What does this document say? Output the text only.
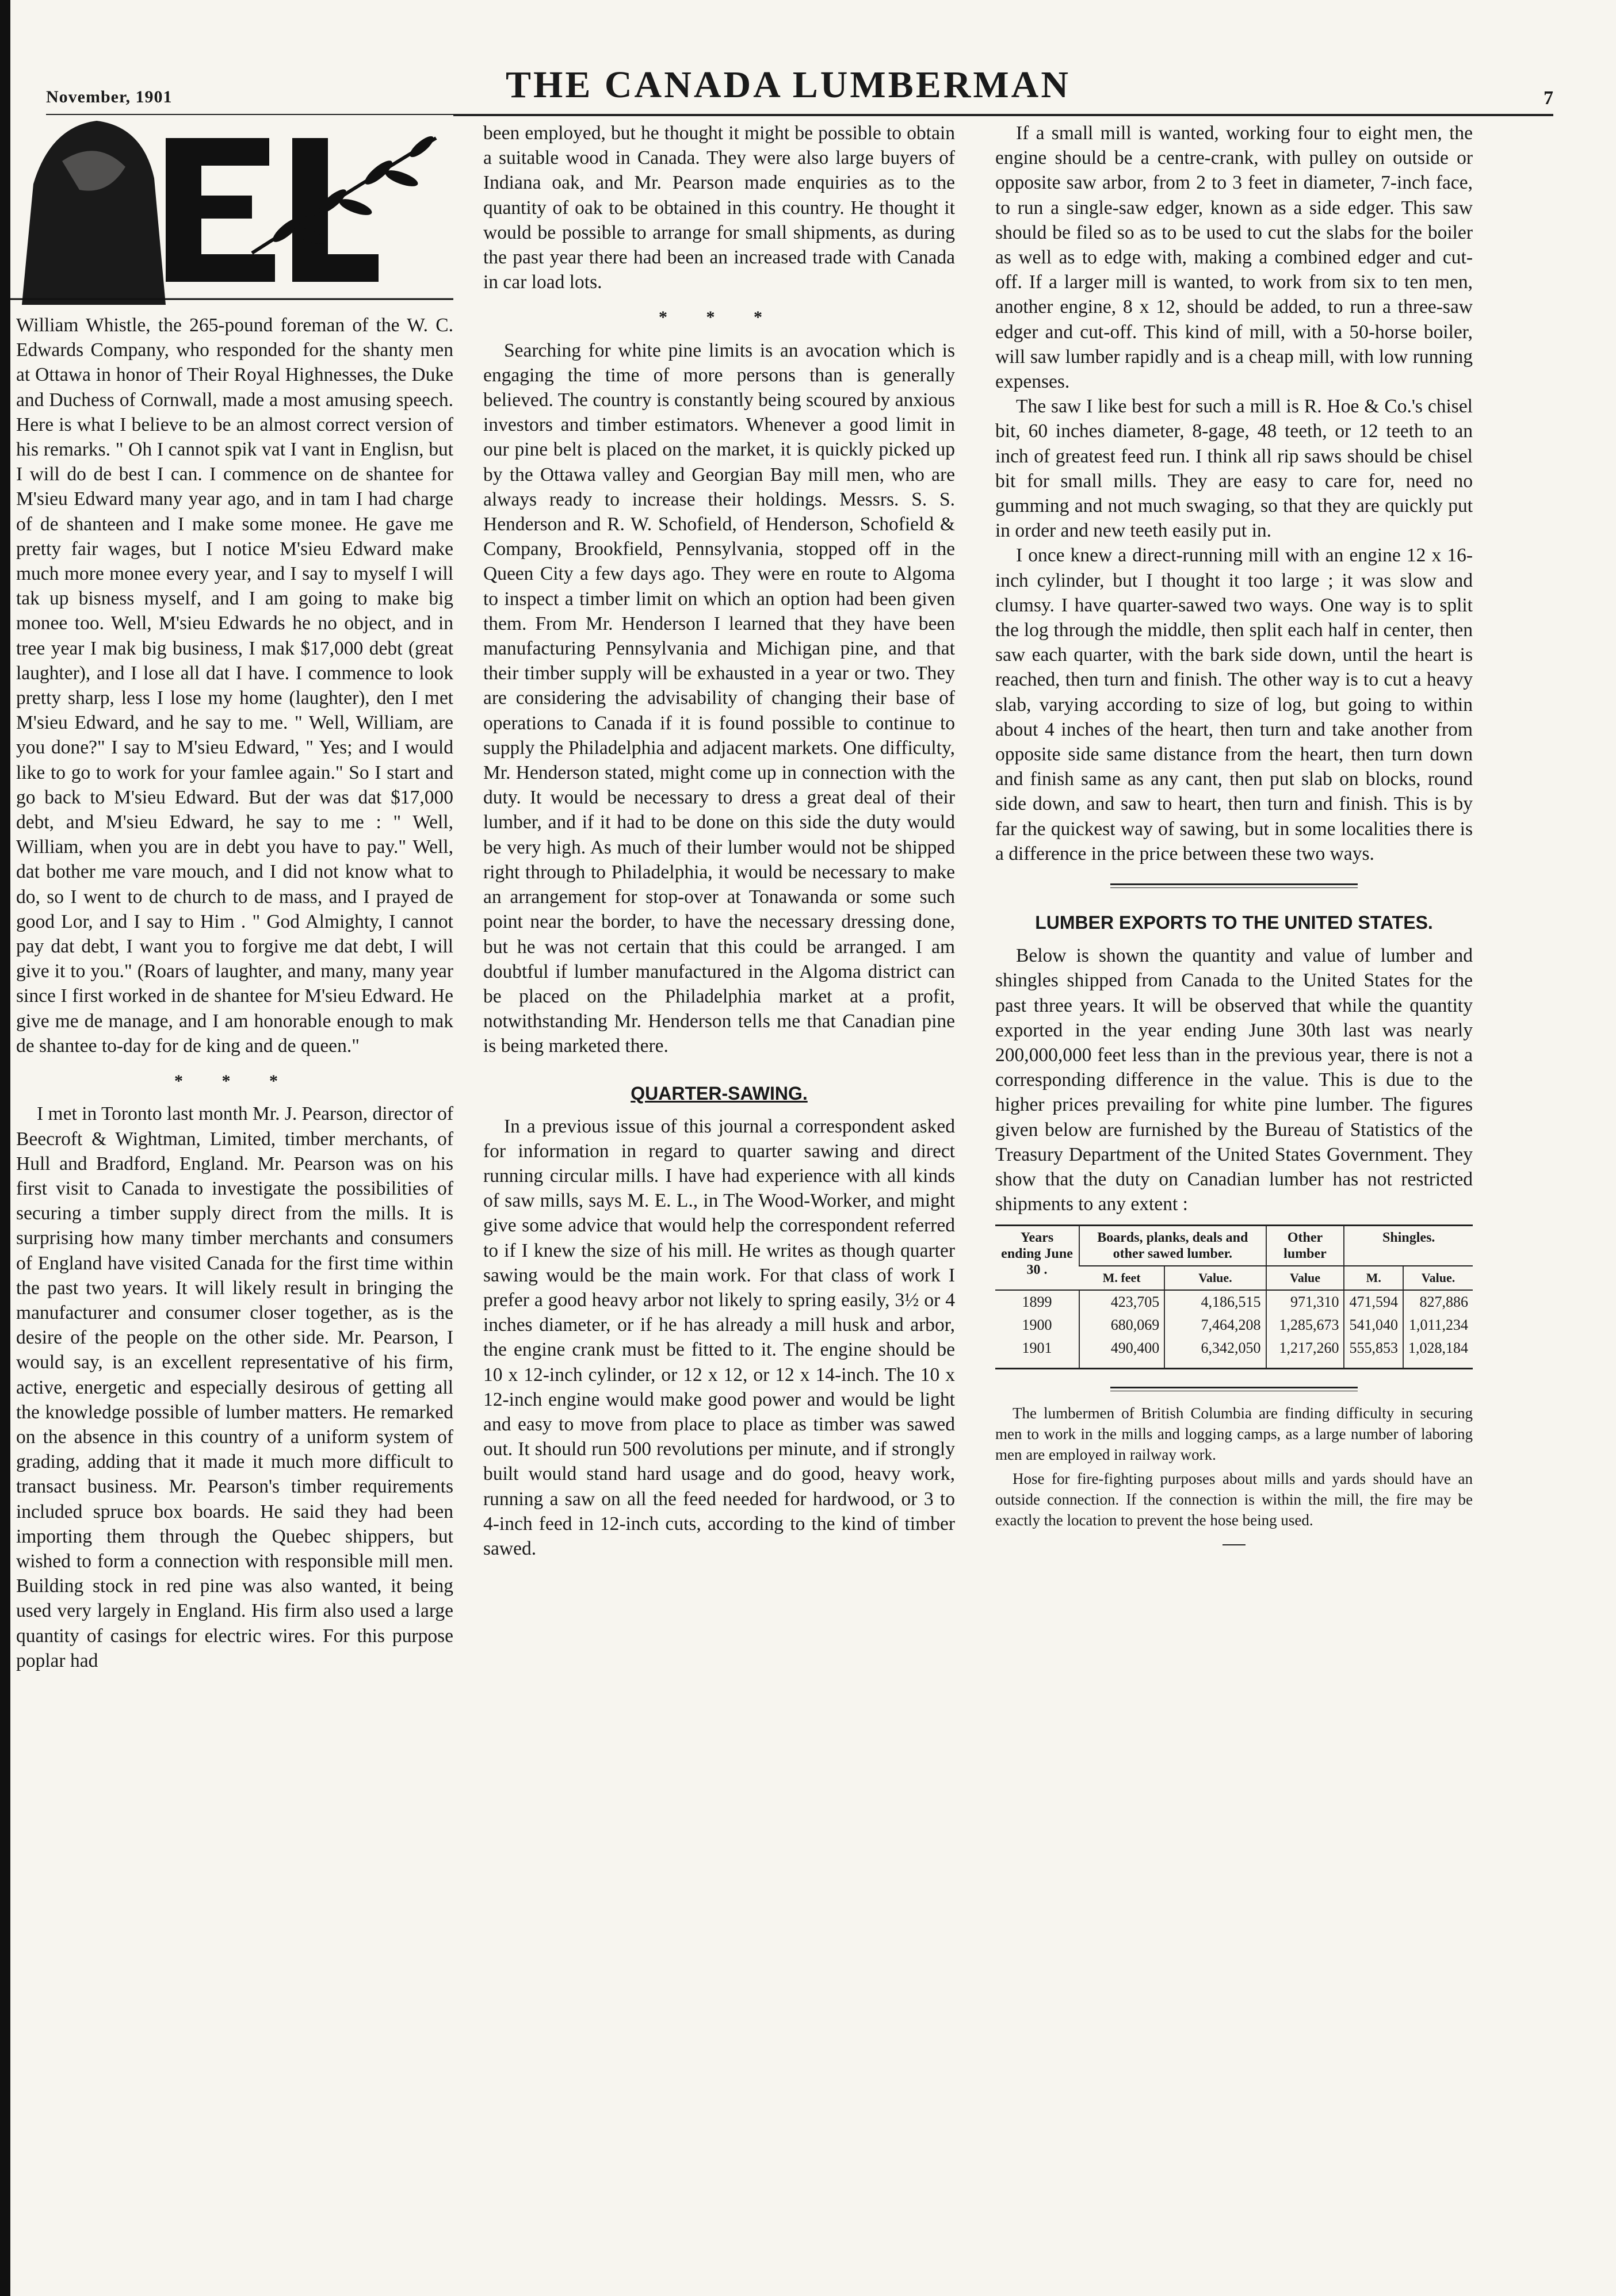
November, 1901	THE CANADA LUMBERMAN	7

William Whistle, the 265-pound foreman of the W. C. Edwards Company, who responded for the shanty men at Ottawa in honor of Their Royal Highnesses, the Duke and Duchess of Cornwall, made a most amusing speech. Here is what I believe to be an almost correct version of his remarks. " Oh I cannot spik vat I vant in Englisn, but I will do de best I can. I commence on de shantee for M'sieu Edward many year ago, and in tam I had charge of de shanteen and I make some monee. He gave me pretty fair wages, but I notice M'sieu Edward make much more monee every year, and I say to myself I will tak up bisness myself, and I am going to make big monee too. Well, M'sieu Edwards he no object, and in tree year I mak big business, I mak $17,000 debt (great laughter), and I lose all dat I have. I commence to look pretty sharp, less I lose my home (laughter), den I met M'sieu Edward, and he say to me. " Well, William, are you done?" I say to M'sieu Edward, " Yes; and I would like to go to work for your famlee again." So I start and go back to M'sieu Edward. But der was dat $17,000 debt, and M'sieu Edward, he say to me : " Well, William, when you are in debt you have to pay." Well, dat bother me vare mouch, and I did not know what to do, so I went to de church to de mass, and I prayed de good Lor, and I say to Him . " God Almighty, I cannot pay dat debt, I want you to forgive me dat debt, I will give it to you." (Roars of laughter, and many, many year since I first worked in de shantee for M'sieu Edward. He give me de manage, and I am honorable enough to mak de shantee to-day for de king and de queen."

* * *

I met in Toronto last month Mr. J. Pearson, director of Beecroft & Wightman, Limited, timber merchants, of Hull and Bradford, England. Mr. Pearson was on his first visit to Canada to investigate the possibilities of securing a timber supply direct from the mills. It is surprising how many timber merchants and consumers of England have visited Canada for the first time within the past two years. It will likely result in bringing the manufacturer and consumer closer together, as is the desire of the people on the other side. Mr. Pearson, I would say, is an excellent representative of his firm, active, energetic and especially desirous of getting all the knowledge possible of lumber matters. He remarked on the absence in this country of a uniform system of grading, adding that it made it much more difficult to transact business. Mr. Pearson's timber requirements included spruce box boards. He said they had been importing them through the Quebec shippers, but wished to form a connection with responsible mill men. Building stock in red pine was also wanted, it being used very largely in England. His firm also used a large quantity of casings for electric wires. For this purpose poplar had

been employed, but he thought it might be possible to obtain a suitable wood in Canada. They were also large buyers of Indiana oak, and Mr. Pearson made enquiries as to the quantity of oak to be obtained in this country. He thought it would be possible to arrange for small shipments, as during the past year there had been an increased trade with Canada in car load lots.

* * *

Searching for white pine limits is an avocation which is engaging the time of more persons than is generally believed. The country is constantly being scoured by anxious investors and timber estimators. Whenever a good limit in our pine belt is placed on the market, it is quickly picked up by the Ottawa valley and Georgian Bay mill men, who are always ready to increase their holdings. Messrs. S. S. Henderson and R. W. Schofield, of Henderson, Schofield & Company, Brookfield, Pennsylvania, stopped off in the Queen City a few days ago. They were en route to Algoma to inspect a timber limit on which an option had been given them. From Mr. Henderson I learned that they have been manufacturing Pennsylvania and Michigan pine, and that their timber supply will be exhausted in a year or two. They are considering the advisability of changing their base of operations to Canada if it is found possible to continue to supply the Philadelphia and adjacent markets. One difficulty, Mr. Henderson stated, might come up in connection with the duty. It would be necessary to dress a great deal of their lumber, and if it had to be done on this side the duty would be very high. As much of their lumber would not be shipped right through to Philadelphia, it would be necessary to make an arrangement for stop-over at Tonawanda or some such point near the border, to have the necessary dressing done, but he was not certain that this could be arranged. I am doubtful if lumber manufactured in the Algoma district can be placed on the Philadelphia market at a profit, notwithstanding Mr. Henderson tells me that Canadian pine is being marketed there.

QUARTER-SAWING.

In a previous issue of this journal a correspondent asked for information in regard to quarter sawing and direct running circular mills. I have had experience with all kinds of saw mills, says M. E. L., in The Wood-Worker, and might give some advice that would help the correspondent referred to if I knew the size of his mill. He writes as though quarter sawing would be the main work. For that class of work I prefer a good heavy arbor not likely to spring easily, 3½ or 4 inches diameter, or if he has already a mill husk and arbor, the engine crank must be fitted to it. The engine should be 10 x 12-inch cylinder, or 12 x 12, or 12 x 14-inch. The 10 x 12-inch engine would make good power and would be light and easy to move from place to place as timber was sawed out. It should run 500 revolutions per minute, and if strongly built would stand hard usage and do good, heavy work, running a saw on all the feed needed for hardwood, or 3 to 4-inch feed in 12-inch cuts, according to the kind of timber sawed.

If a small mill is wanted, working four to eight men, the engine should be a centre-crank, with pulley on outside or opposite saw arbor, from 2 to 3 feet in diameter, 7-inch face, to run a single-saw edger, known as a side edger. This saw should be filed so as to be used to cut the slabs for the boiler as well as to edge with, making a combined edger and cut-off. If a larger mill is wanted, to work from six to ten men, another engine, 8 x 12, should be added, to run a three-saw edger and cut-off. This kind of mill, with a 50-horse boiler, will saw lumber rapidly and is a cheap mill, with low running expenses.

The saw I like best for such a mill is R. Hoe & Co.'s chisel bit, 60 inches diameter, 8-gage, 48 teeth, or 12 teeth to an inch of greatest feed run. I think all rip saws should be chisel bit for small mills. They are easy to care for, need no gumming and not much swaging, so that they are quickly put in order and new teeth easily put in.

I once knew a direct-running mill with an engine 12 x 16-inch cylinder, but I thought it too large ; it was slow and clumsy. I have quarter-sawed two ways. One way is to split the log through the middle, then split each half in center, then saw each quarter, with the bark side down, until the heart is reached, then turn and finish. The other way is to cut a heavy slab, varying according to size of log, but going to within about 4 inches of the heart, then turn and take another from opposite side same distance from the heart, then turn down and finish same as any cant, then put slab on blocks, round side down, and saw to heart, then turn and finish. This is by far the quickest way of sawing, but in some localities there is a difference in the price between these two ways.

LUMBER EXPORTS TO THE UNITED STATES.

Below is shown the quantity and value of lumber and shingles shipped from Canada to the United States for the past three years. It will be observed that while the quantity exported in the year ending June 30th last was nearly 200,000,000 feet less than in the previous year, there is not a corresponding difference in the value. This is due to the higher prices prevailing for white pine lumber. The figures given below are furnished by the Bureau of Statistics of the Treasury Department of the United States Government. They show that the duty on Canadian lumber has not restricted shipments to any extent :

Years ending June 30 .	Boards, planks, deals and other sawed lumber.		Other lumber	Shingles.	
	M. feet	Value.	Value	M.	Value.
1899	423,705	4,186,515	971,310	471,594	827,886
1900	680,069	7,464,208	1,285,673	541,040	1,011,234
1901	490,400	6,342,050	1,217,260	555,853	1,028,184

The lumbermen of British Columbia are finding difficulty in securing men to work in the mills and logging camps, as a large number of laboring men are employed in railway work.

Hose for fire-fighting purposes about mills and yards should have an outside connection. If the connection is within the mill, the fire may be exactly the location to prevent the hose being used.
